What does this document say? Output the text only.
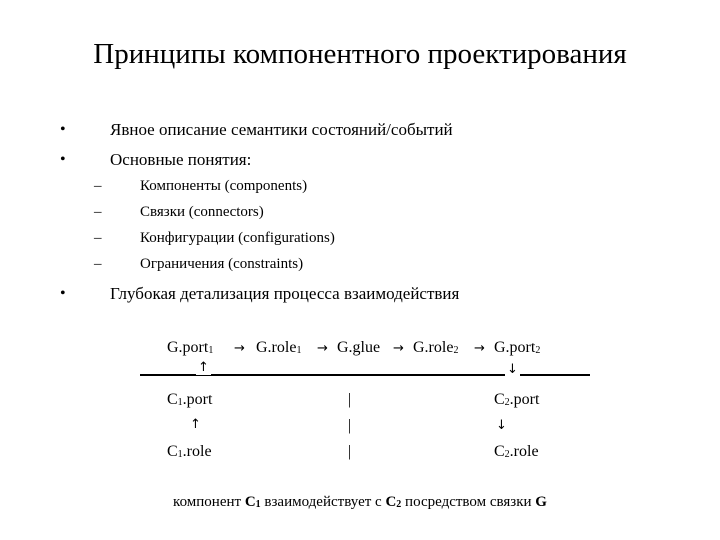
Принципы компонентного проектирования
•	Явное описание семантики состояний/событий
•	Основные понятия:
–	Компоненты (components)
–	Связки (connectors)
–	Конфигурации (configurations)
–	Ограничения (constraints)
•	Глубокая детализация процесса взаимодействия
G.port1 → G.role1 → G.glue → G.role2 → G.port2
↑	↓
C1.port	|	C2.port
↑	|	↓
C1.role	|	C2.role
компонент C1 взаимодействует с C2 посредством связки G
